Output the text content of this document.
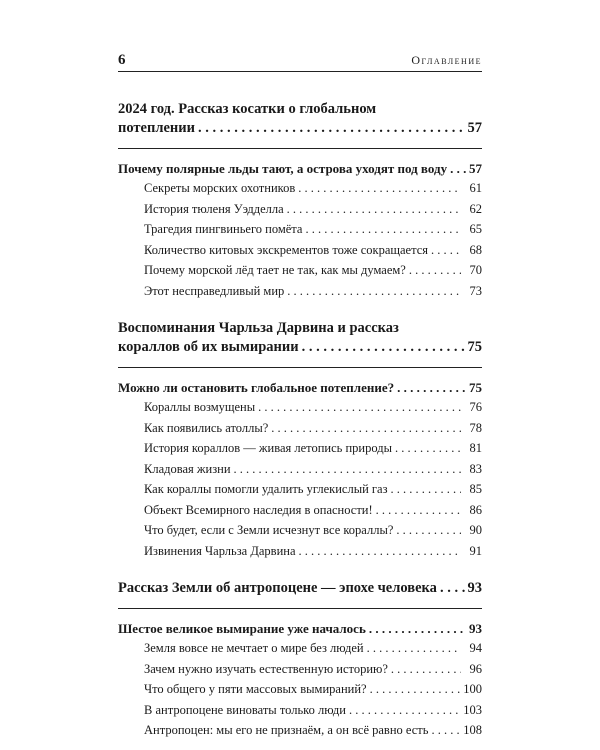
6	Оглавление

2024 год. Рассказ косатки о глобальном

потеплении . . .	57
Почему полярные льды тают, а острова уходят под воду . . . 57
Секреты морских охотников . . .	61
История тюленя Уэдделла . . .	62
Трагедия пингвиньего помёта . . .	65
Количество китовых экскрементов тоже сокращается . . .	68
Почему морской лёд тает не так, как мы думаем? . . .	70
Этот несправедливый мир . . .	73

Воспоминания Чарльза Дарвина и рассказ

кораллов об их вымирании . . .	75
Можно ли остановить глобальное потепление? . . .	75
Кораллы возмущены . . .	76
Как появились атоллы? . . .	78
История кораллов — живая летопись природы . . .	81
Кладовая жизни . . .	83
Как кораллы помогли удалить углекислый газ . . .	85
Объект Всемирного наследия в опасности! . . .	86
Что будет, если с Земли исчезнут все кораллы? . . .	90
Извинения Чарльза Дарвина . . .	91
Рассказ Земли об антропоцене — эпохе человека . . . 93
Шестое великое вымирание уже началось . . .	93
Земля вовсе не мечтает о мире без людей . . .	94
Зачем нужно изучать естественную историю? . . .	96
Что общего у пяти массовых вымираний? . . .	100
В антропоцене виноваты только люди . . .	103
Антропоцен: мы его не признаём, а он всё равно есть . . .	108
